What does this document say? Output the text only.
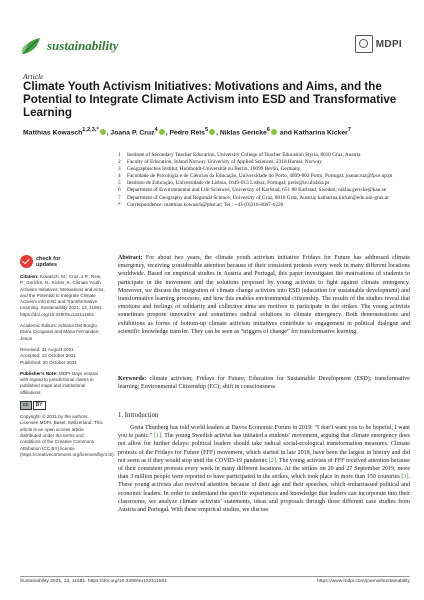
sustainability	MDPI
Article
Climate Youth Activism Initiatives: Motivations and Aims, and the Potential to Integrate Climate Activism into ESD and Transformative Learning
Matthias Kowasch$^{1,2,3,*}$ , Joana P. Cruz$^4$ , Pedro Reis$^5$ , Niklas Gericke$^6$ and Katharina Kicker$^7$
1	Institute of Secondary Teacher Education, University College of Teacher Education Styria, 8010 Graz, Austria
2	Faculty of Education, Inland Norway University of Applied Sciences, 2318 Hamar, Norway
3	Geographisches Institut, Humboldt-Universität zu Berlin, 10099 Berlin, Germany
4	Faculdade de Psicologia e de Ciências da Educação, Universidade do Porto, 4099-002 Porto, Portugal; joanacruz@fpce.up.pt
5	Instituto de Educação, Universidade de Lisboa, 1649-013 Lisboa, Portugal; preis@ie.ulisboa.pt
6	Department of Environmental and Life Sciences, University of Karlstad, 651 88 Karlstad, Sweden; niklas.gericke@kau.se
7	Department of Geography and Regional Science, University of Graz, 8010 Graz, Austria; katharina.kicker@edu.uni-graz.at
*	Correspondence: matthias.kowasch@phst.at; Tel.: +43-(0)316-8067-6220
check for
updates

Citation: Kowasch, M.; Cruz, J.P.; Reis, P.; Gericke, N.; Kicker, K. Climate Youth Activism Initiatives: Motivations and Aims, and the Potential to Integrate Climate Activism into ESD and Transformative Learning. Sustainability 2021, 13, 11581. https://doi.org/10.3390/su132111581

Academic Editors: Adriana Del Borghi, Elvira Cicognani and Maria Fernandes-Jesus

Received: 31 August 2021
Accepted: 13 October 2021
Published: 20 October 2021

Publisher's Note: MDPI stays neutral with regard to jurisdictional claims in published maps and institutional affiliations.

cc	BY

Copyright: © 2021 by the authors. Licensee MDPI, Basel, Switzerland. This article is an open access article distributed under the terms and conditions of the Creative Commons Attribution (CC BY) license (https://creativecommons.org/licenses/by/4.0/).

Abstract: For about two years, the climate youth activism initiative Fridays for Future has addressed climate emergency, receiving considerable attention because of their consistent protests every week in many different locations worldwide. Based on empirical studies in Austria and Portugal, this paper investigates the motivations of students to participate in the movement and the solutions proposed by young activists to fight against climate emergency. Moreover, we discuss the integration of climate change activism into ESD (education for sustainable development) and transformative learning processes, and how this enables environmental citizenship. The results of the studies reveal that emotions and feelings of solidarity and collective aims are motives to participate in the strikes. The young activists sometimes propose innovative and sometimes radical solutions to climate emergency. Both demonstrations and exhibitions as forms of bottom-up climate activism initiatives contribute to engagement in political dialogue and scientific knowledge transfer. They can be seen as “triggers of change” for transformative learning.
Keywords: climate activism; Fridays for Future; Education for Sustainable Development (ESD); transformative learning; Environmental Citizenship (EC); shift in consciousness
1. Introduction
Greta Thunberg has told world leaders at Davos Economic Forum in 2019: “I don’t want you to be hopeful, I want you to panic.” [1]. The young Swedish activist has initiated a students’ movement, arguing that climate emergency does not allow for further delays: political leaders should take radical social-ecological transformation measures. Climate protests of the Fridays for Future (FFF) movement, which started in late 2018, have been the largest in history and did not seem as if they would stop until the COVID-19 pandemic [2]. The young activists of FFF received attention because of their consistent protests every week in many different locations. At the strikes on 20 and 27 September 2019, more than 3 million people were reported to have participated in the strikes, which took place in more than 150 countries [3]. These young activists also received attention because of their age and their speeches, which embarrassed political and economic leaders. In order to understand the specific experiences and knowledge that leaders can incorporate into their classrooms, we analyze climate activists’ statements, ideas and proposals through three different case studies from Austria and Portugal. With these empirical studies, we discuss
Sustainability 2021, 13, 11581. https://doi.org/10.3390/su132111581	https://www.mdpi.com/journal/sustainability
